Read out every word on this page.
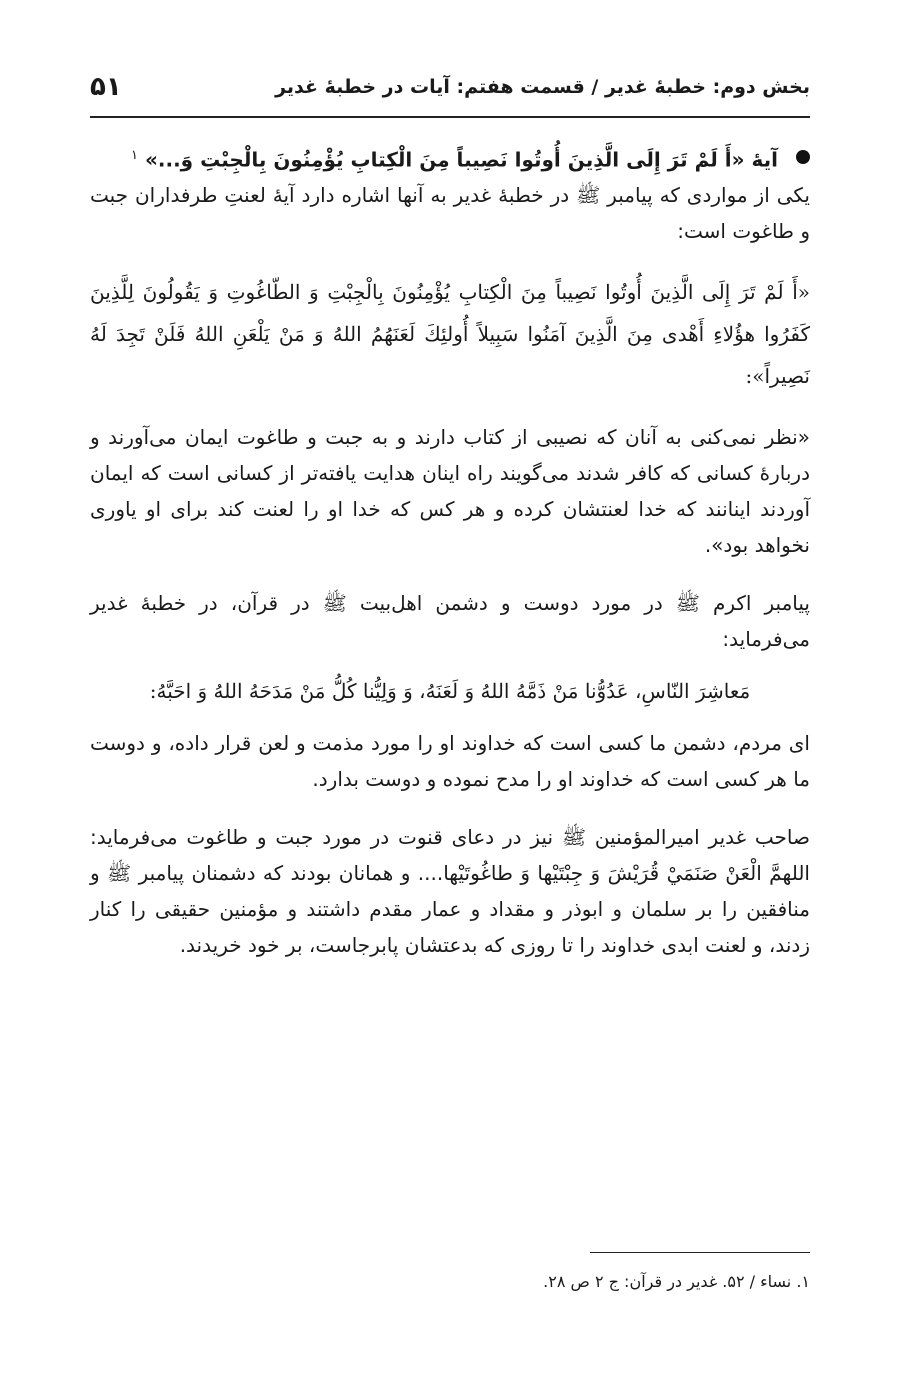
بخش دوم: خطبهٔ غدیر / قسمت هفتم: آیات در خطبهٔ غدیر
۵۱
آیهٔ «أَ لَمْ تَرَ إِلَى الَّذِينَ أُوتُوا نَصِيباً مِنَ الْكِتابِ يُؤْمِنُونَ بِالْجِبْتِ وَ...» $^۱$

یکی از مواردی که پیامبر ﷺ در خطبهٔ غدیر به آنها اشاره دارد آیهٔ لعنتِ طرفداران جبت و طاغوت است:

«أَ لَمْ تَرَ إِلَى الَّذِينَ أُوتُوا نَصِيباً مِنَ الْكِتابِ يُؤْمِنُونَ بِالْجِبْتِ وَ الطّاغُوتِ وَ يَقُولُونَ لِلَّذِينَ كَفَرُوا هؤُلاءِ أَهْدى مِنَ الَّذِينَ آمَنُوا سَبِيلاً أُولئِكَ لَعَنَهُمُ اللهُ وَ مَنْ يَلْعَنِ اللهُ فَلَنْ تَجِدَ لَهُ نَصِيراً»:

«نظر نمی‌کنی به آنان که نصیبی از کتاب دارند و به جبت و طاغوت ایمان می‌آورند و دربارهٔ کسانی که کافر شدند می‌گویند راه اینان هدایت یافته‌تر از کسانی است که ایمان آوردند اینانند که خدا لعنتشان کرده و هر کس که خدا او را لعنت کند برای او یاوری نخواهد بود».

پیامبر اکرم ﷺ در مورد دوست و دشمن اهل‌بیت ﷺ در قرآن، در خطبهٔ غدیر می‌فرماید:

مَعاشِرَ النّاسِ، عَدُوُّنا مَنْ ذَمَّهُ اللهُ وَ لَعَنَهُ، وَ وَلِيُّنا كُلُّ مَنْ مَدَحَهُ اللهُ وَ احَبَّهُ:

ای مردم، دشمن ما کسی است که خداوند او را مورد مذمت و لعن قرار داده، و دوست ما هر کسی است که خداوند او را مدح نموده و دوست بدارد.

صاحب غدیر امیرالمؤمنین ﷺ نیز در دعای قنوت در مورد جبت و طاغوت می‌فرماید: اللهمَّ الْعَنْ صَنَمَيْ قُرَيْشَ وَ جِبْتَيْها وَ طاغُوتَيْها.... و همانان بودند که دشمنان پیامبر ﷺ و منافقین را بر سلمان و ابوذر و مقداد و عمار مقدم داشتند و مؤمنین حقیقی را کنار زدند، و لعنت ابدی خداوند را تا روزی که بدعتشان پابرجاست، بر خود خریدند.

۱. نساء / ۵۲. غدیر در قرآن: ج ۲ ص ۲۸.
